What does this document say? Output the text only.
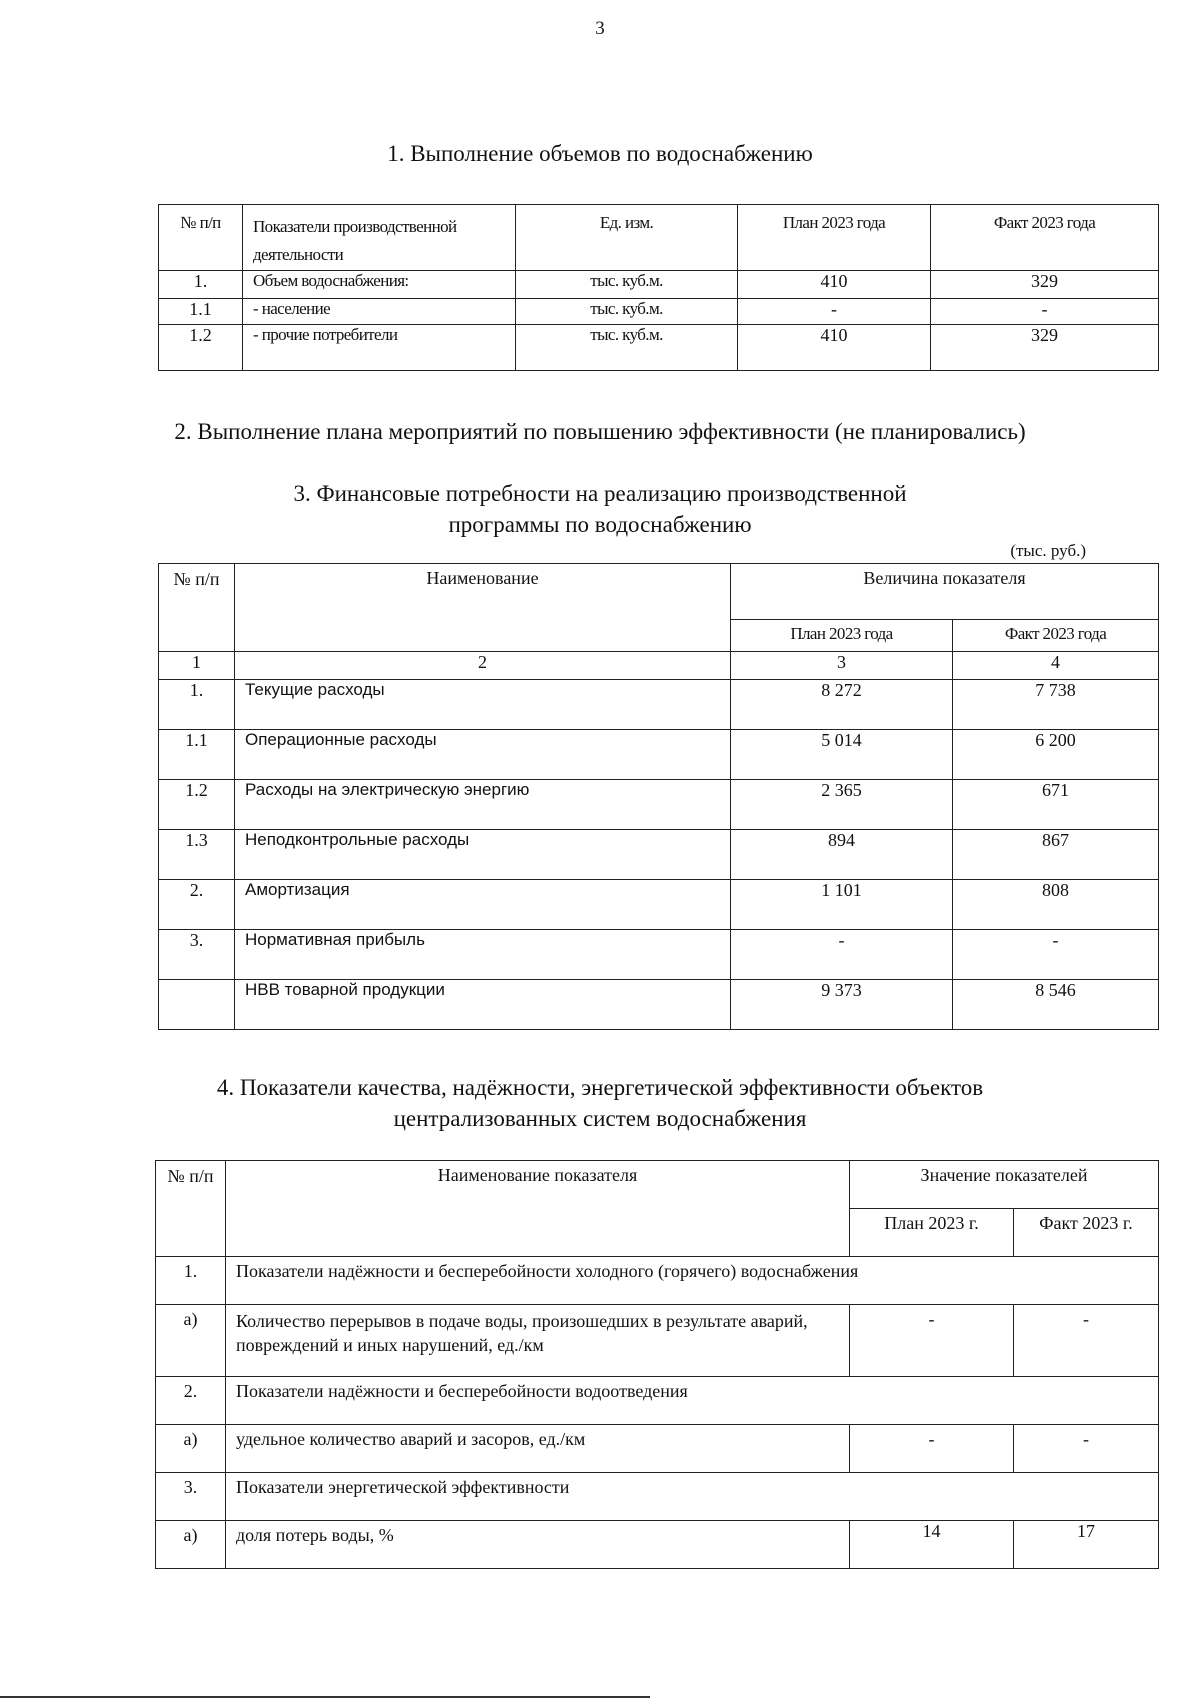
3
1. Выполнение объемов по водоснабжению
№ п/п	Показатели производственной деятельности	Ед. изм.	План 2023 года	Факт 2023 года
1.	Объем водоснабжения:	тыс. куб.м.	410	329
1.1	- население	тыс. куб.м.	-	-
1.2	- прочие потребители	тыс. куб.м.	410	329
2. Выполнение плана мероприятий по повышению эффективности (не планировались)
3. Финансовые потребности на реализацию производственной
программы по водоснабжению
(тыс. руб.)
№ п/п	Наименование	Величина показателя	
		План 2023 года	Факт 2023 года
1	2	3	4
1.	Текущие расходы	8 272	7 738
1.1	Операционные расходы	5 014	6 200
1.2	Расходы на электрическую энергию	2 365	671
1.3	Неподконтрольные расходы	894	867
2.	Амортизация	1 101	808
3.	Нормативная прибыль	-	-
	НВВ товарной продукции	9 373	8 546
4. Показатели качества, надёжности, энергетической эффективности объектов
централизованных систем водоснабжения
№ п/п	Наименование показателя	Значение показателей	
		План 2023 г.	Факт 2023 г.
1.	Показатели надёжности и бесперебойности холодного (горячего) водоснабжения		
а)	Количество перерывов в подаче воды, произошедших в результате аварий, повреждений и иных нарушений, ед./км	-	-
2.	Показатели надёжности и бесперебойности водоотведения		
а)	удельное количество аварий и засоров, ед./км	-	-
3.	Показатели энергетической эффективности		
а)	доля потерь воды, %	14	17
